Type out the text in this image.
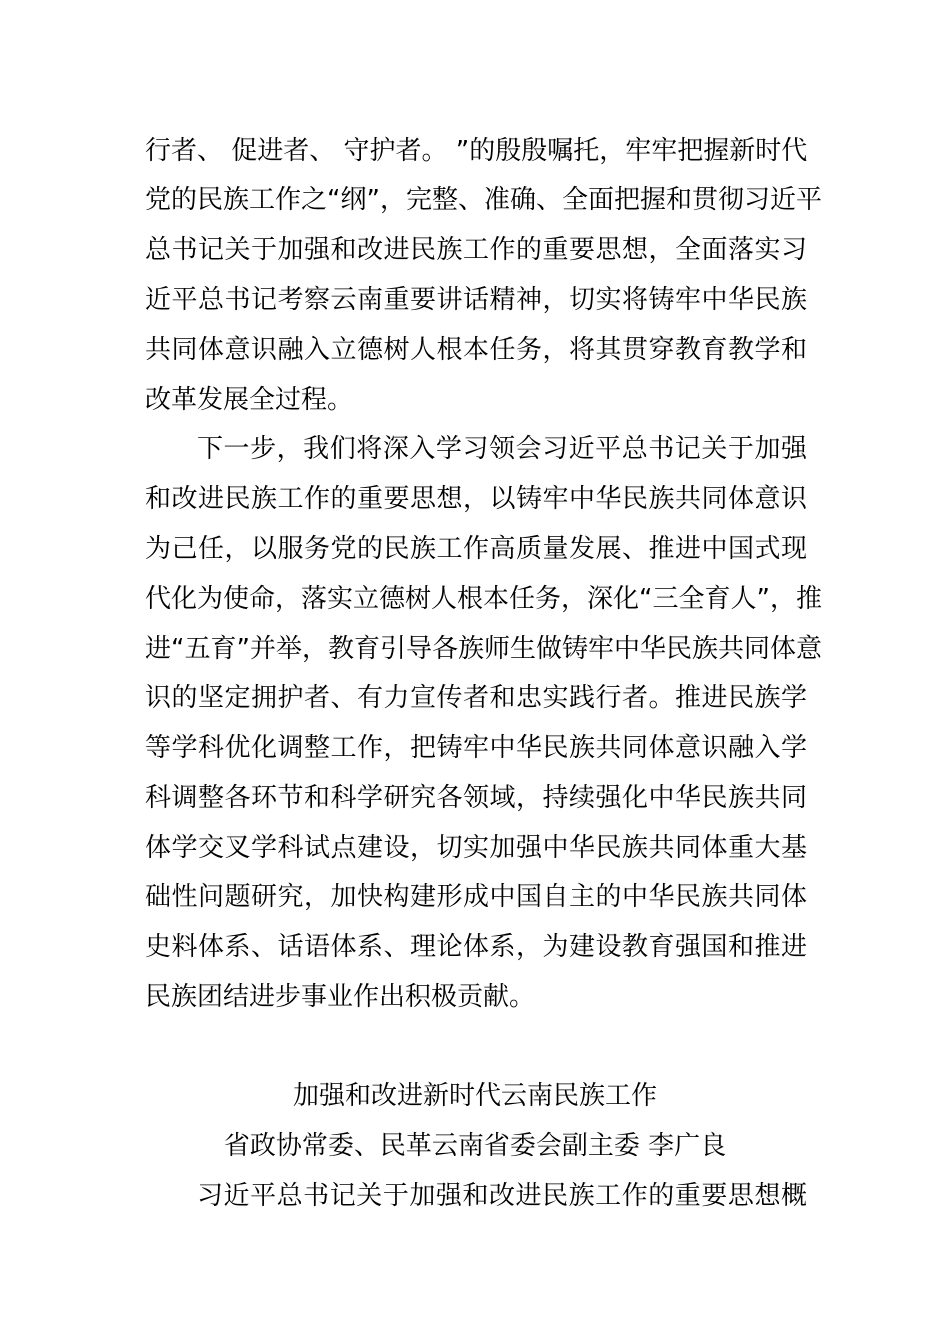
行者、 促进者、 守护者。 ”的殷殷嘱托，牢牢把握新时代
党的民族工作之“纲”，完整、准确、全面把握和贯彻习近平
总书记关于加强和改进民族工作的重要思想，全面落实习
近平总书记考察云南重要讲话精神，切实将铸牢中华民族
共同体意识融入立德树人根本任务，将其贯穿教育教学和
改革发展全过程。
下一步，我们将深入学习领会习近平总书记关于加强
和改进民族工作的重要思想，以铸牢中华民族共同体意识
为己任，以服务党的民族工作高质量发展、推进中国式现
代化为使命，落实立德树人根本任务，深化“三全育人”，推
进“五育”并举，教育引导各族师生做铸牢中华民族共同体意
识的坚定拥护者、有力宣传者和忠实践行者。推进民族学
等学科优化调整工作，把铸牢中华民族共同体意识融入学
科调整各环节和科学研究各领域，持续强化中华民族共同
体学交叉学科试点建设，切实加强中华民族共同体重大基
础性问题研究，加快构建形成中国自主的中华民族共同体
史料体系、话语体系、理论体系，为建设教育强国和推进
民族团结进步事业作出积极贡献。
加强和改进新时代云南民族工作
省政协常委、民革云南省委会副主委 李广良
习近平总书记关于加强和改进民族工作的重要思想概
